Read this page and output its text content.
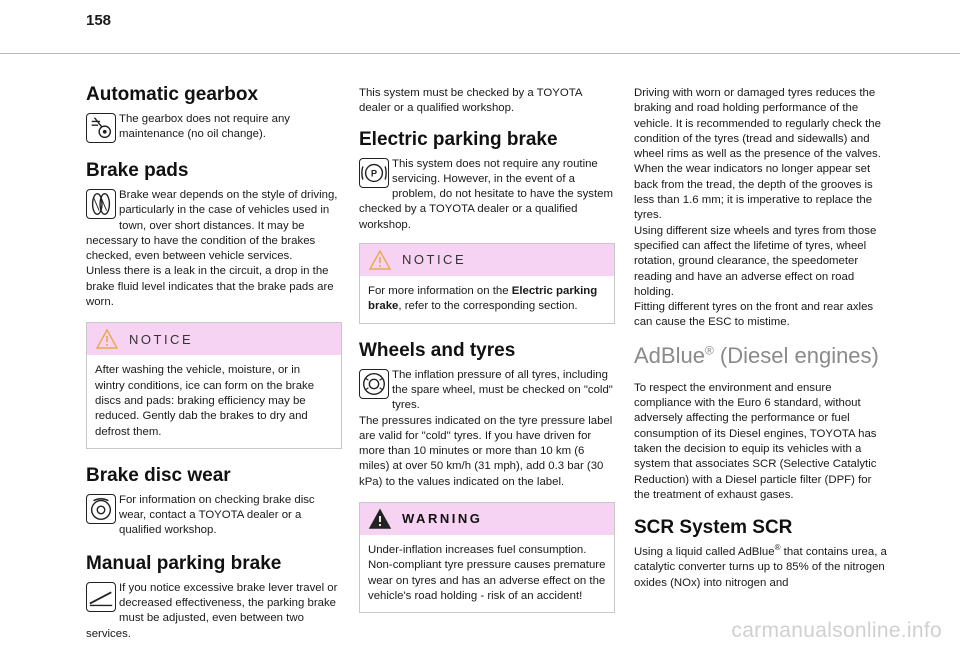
158
Automatic gearbox
The gearbox does not require any maintenance (no oil change).
Brake pads
Brake wear depends on the style of driving, particularly in the case of vehicles used in town, over short distances. It may be necessary to have the condition of the brakes checked, even between vehicle services.

Unless there is a leak in the circuit, a drop in the brake fluid level indicates that the brake pads are worn.

NOTICE
After washing the vehicle, moisture, or in wintry conditions, ice can form on the brake discs and pads: braking efficiency may be reduced. Gently dab the brakes to dry and defrost them.
Brake disc wear
For information on checking brake disc wear, contact a TOYOTA dealer or a qualified workshop.
Manual parking brake
If you notice excessive brake lever travel or decreased effectiveness, the parking brake must be adjusted, even between two services.

This system must be checked by a TOYOTA dealer or a qualified workshop.

Electric parking brake
P
This system does not require any routine servicing. However, in the event of a problem, do not hesitate to have the system checked by a TOYOTA dealer or a qualified workshop.
NOTICE
For more information on the Electric parking brake, refer to the corresponding section.
Wheels and tyres
The inflation pressure of all tyres, including the spare wheel, must be checked on "cold" tyres.

The pressures indicated on the tyre pressure label are valid for "cold" tyres. If you have driven for more than 10 minutes or more than 10 km (6 miles) at over 50 km/h (31 mph), add 0.3 bar (30 kPa) to the values indicated on the label.

WARNING
Under-inflation increases fuel consumption. Non-compliant tyre pressure causes premature wear on tyres and has an adverse effect on the vehicle's road holding - risk of an accident!

Driving with worn or damaged tyres reduces the braking and road holding performance of the vehicle. It is recommended to regularly check the condition of the tyres (tread and sidewalls) and wheel rims as well as the presence of the valves.

When the wear indicators no longer appear set back from the tread, the depth of the grooves is less than 1.6 mm; it is imperative to replace the tyres.

Using different size wheels and tyres from those specified can affect the lifetime of tyres, wheel rotation, ground clearance, the speedometer reading and have an adverse effect on road holding.

Fitting different tyres on the front and rear axles can cause the ESC to mistime.

AdBlue® (Diesel engines)

To respect the environment and ensure compliance with the Euro 6 standard, without adversely affecting the performance or fuel consumption of its Diesel engines, TOYOTA has taken the decision to equip its vehicles with a system that associates SCR (Selective Catalytic Reduction) with a Diesel particle filter (DPF) for the treatment of exhaust gases.

SCR System SCR

Using a liquid called AdBlue® that contains urea, a catalytic converter turns up to 85% of the nitrogen oxides (NOx) into nitrogen and

carmanualsonline.info
